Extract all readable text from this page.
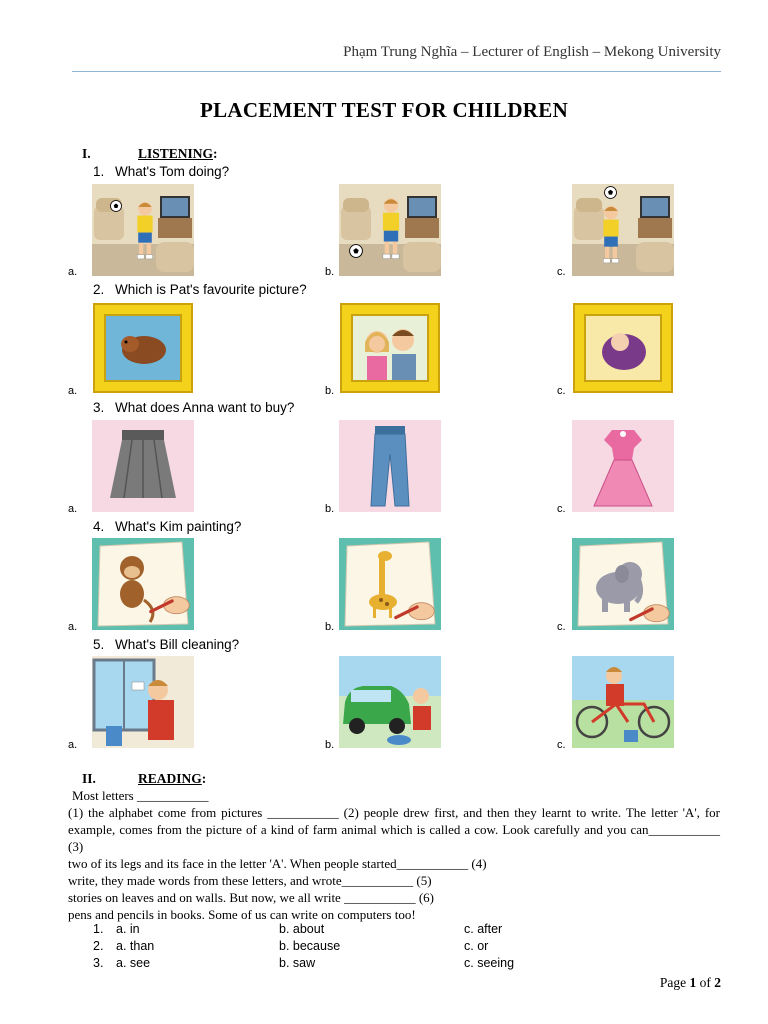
Phạm Trung Nghĩa – Lecturer of English – Mekong University
PLACEMENT TEST FOR CHILDREN
I.	LISTENING:
1. What's Tom doing?
a.	b.	c.
2. Which is Pat's favourite picture?
a.	b.	c.
3. What does Anna want to buy?
a.	b.	c.
4. What's Kim painting?
a.	b.	c.
5. What's Bill cleaning?
a.	b.	c.
II.	READING:
Most letters ___________
(1) the alphabet come from pictures ___________ (2) people drew first, and then they learnt to write. The letter 'A', for example, comes from the picture of a kind of farm animal which is called a cow. Look carefully and you can___________ (3)
two of its legs and its face in the letter 'A'. When people started___________ (4)
write, they made words from these letters, and wrote___________ (5)
stories on leaves and on walls. But now, we all write ___________ (6)
pens and pencils in books. Some of us can write on computers too!
1. a. in	b. about	c. after
2. a. than	b. because	c. or
3. a. see	b. saw	c. seeing
Page 1 of 2
